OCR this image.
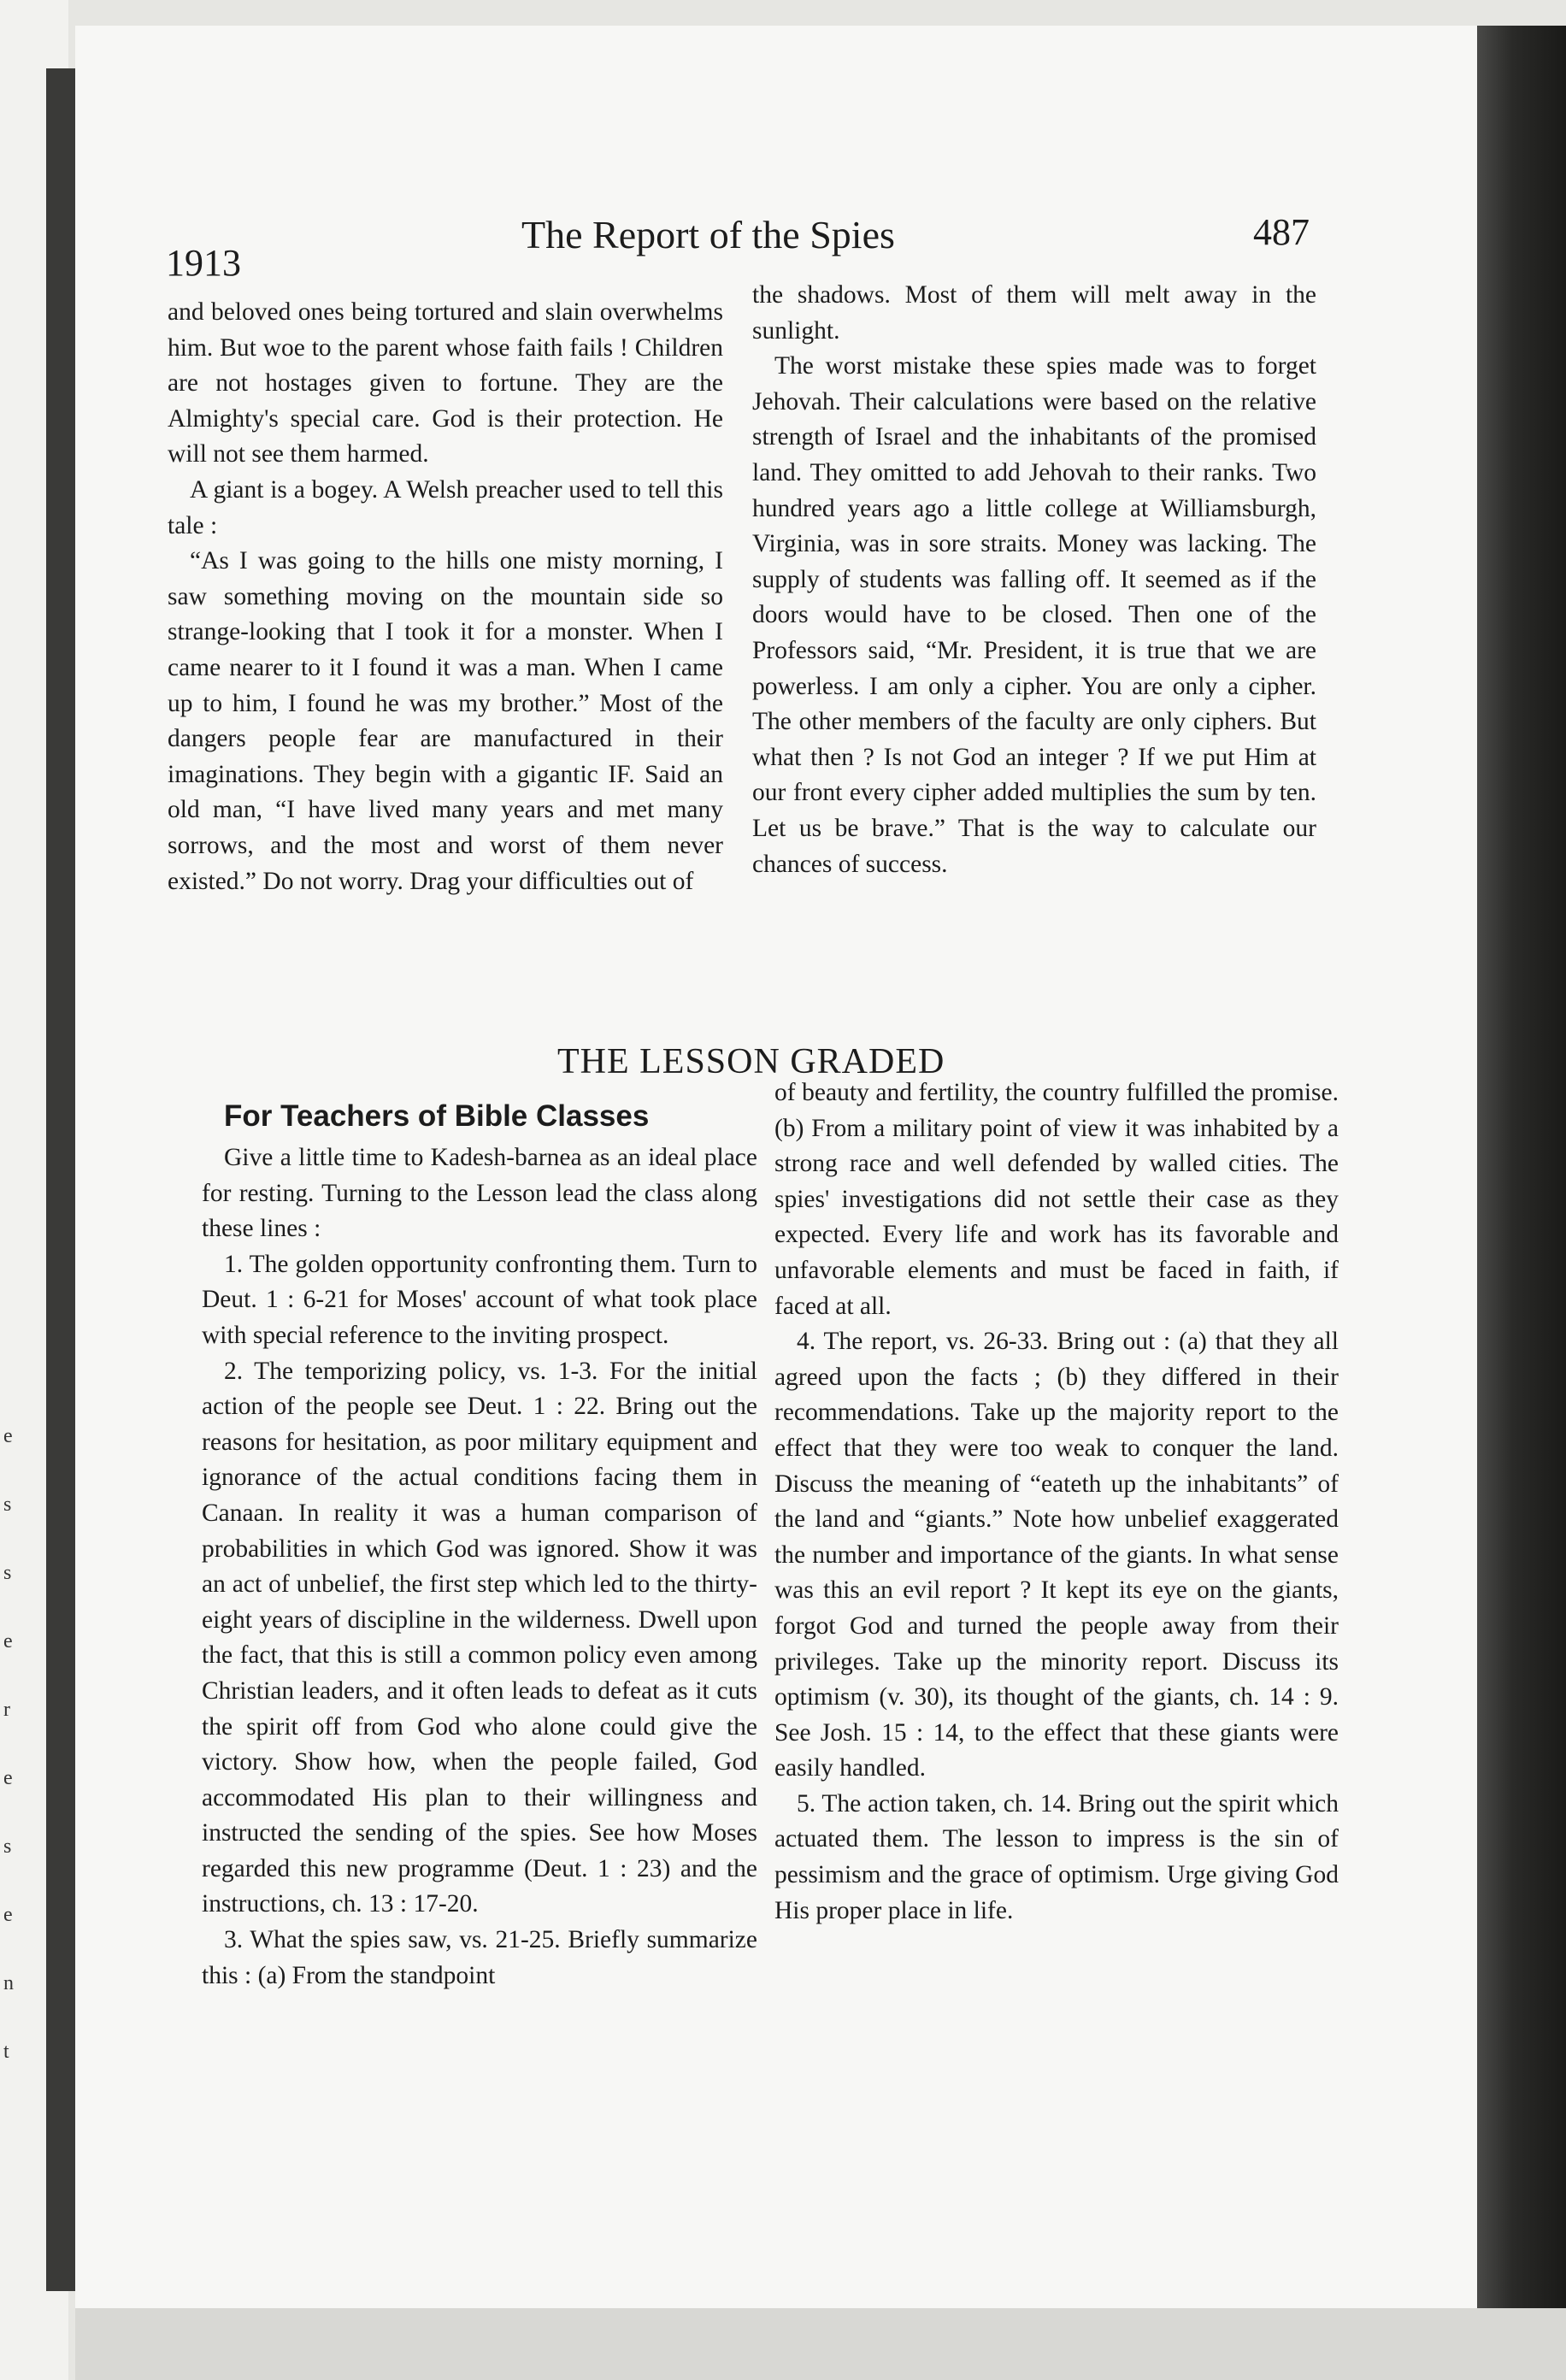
e
s
s
e
r
e
s
e
n
t
1913
The Report of the Spies	487

and beloved ones being tortured and slain overwhelms him. But woe to the parent whose faith fails ! Children are not hostages given to fortune. They are the Almighty's special care. God is their protection. He will not see them harmed.

A giant is a bogey. A Welsh preacher used to tell this tale :

“As I was going to the hills one misty morning, I saw something moving on the mountain side so strange-looking that I took it for a monster. When I came nearer to it I found it was a man. When I came up to him, I found he was my brother.” Most of the dangers people fear are manufactured in their imaginations. They begin with a gigantic IF. Said an old man, “I have lived many years and met many sorrows, and the most and worst of them never existed.” Do not worry. Drag your difficulties out of

the shadows. Most of them will melt away in the sunlight.

The worst mistake these spies made was to forget Jehovah. Their calculations were based on the relative strength of Israel and the inhabitants of the promised land. They omitted to add Jehovah to their ranks. Two hundred years ago a little college at Williamsburgh, Virginia, was in sore straits. Money was lacking. The supply of students was falling off. It seemed as if the doors would have to be closed. Then one of the Professors said, “Mr. President, it is true that we are powerless. I am only a cipher. You are only a cipher. The other members of the faculty are only ciphers. But what then ? Is not God an integer ? If we put Him at our front every cipher added multiplies the sum by ten. Let us be brave.” That is the way to calculate our chances of success.

THE LESSON GRADED
For Teachers of Bible Classes

Give a little time to Kadesh-barnea as an ideal place for resting. Turning to the Lesson lead the class along these lines :

1. The golden opportunity confronting them. Turn to Deut. 1 : 6-21 for Moses' account of what took place with special reference to the inviting prospect.

2. The temporizing policy, vs. 1-3. For the initial action of the people see Deut. 1 : 22. Bring out the reasons for hesitation, as poor military equipment and ignorance of the actual conditions facing them in Canaan. In reality it was a human comparison of probabilities in which God was ignored. Show it was an act of unbelief, the first step which led to the thirty-eight years of discipline in the wilderness. Dwell upon the fact, that this is still a common policy even among Christian leaders, and it often leads to defeat as it cuts the spirit off from God who alone could give the victory. Show how, when the people failed, God accommodated His plan to their willingness and instructed the sending of the spies. See how Moses regarded this new programme (Deut. 1 : 23) and the instructions, ch. 13 : 17-20.

3. What the spies saw, vs. 21-25. Briefly summarize this : (a) From the standpoint

of beauty and fertility, the country fulfilled the promise. (b) From a military point of view it was inhabited by a strong race and well defended by walled cities. The spies' investigations did not settle their case as they expected. Every life and work has its favorable and unfavorable elements and must be faced in faith, if faced at all.

4. The report, vs. 26-33. Bring out : (a) that they all agreed upon the facts ; (b) they differed in their recommendations. Take up the majority report to the effect that they were too weak to conquer the land. Discuss the meaning of “eateth up the inhabitants” of the land and “giants.” Note how unbelief exaggerated the number and importance of the giants. In what sense was this an evil report ? It kept its eye on the giants, forgot God and turned the people away from their privileges. Take up the minority report. Discuss its optimism (v. 30), its thought of the giants, ch. 14 : 9. See Josh. 15 : 14, to the effect that these giants were easily handled.

5. The action taken, ch. 14. Bring out the spirit which actuated them. The lesson to impress is the sin of pessimism and the grace of optimism. Urge giving God His proper place in life.
